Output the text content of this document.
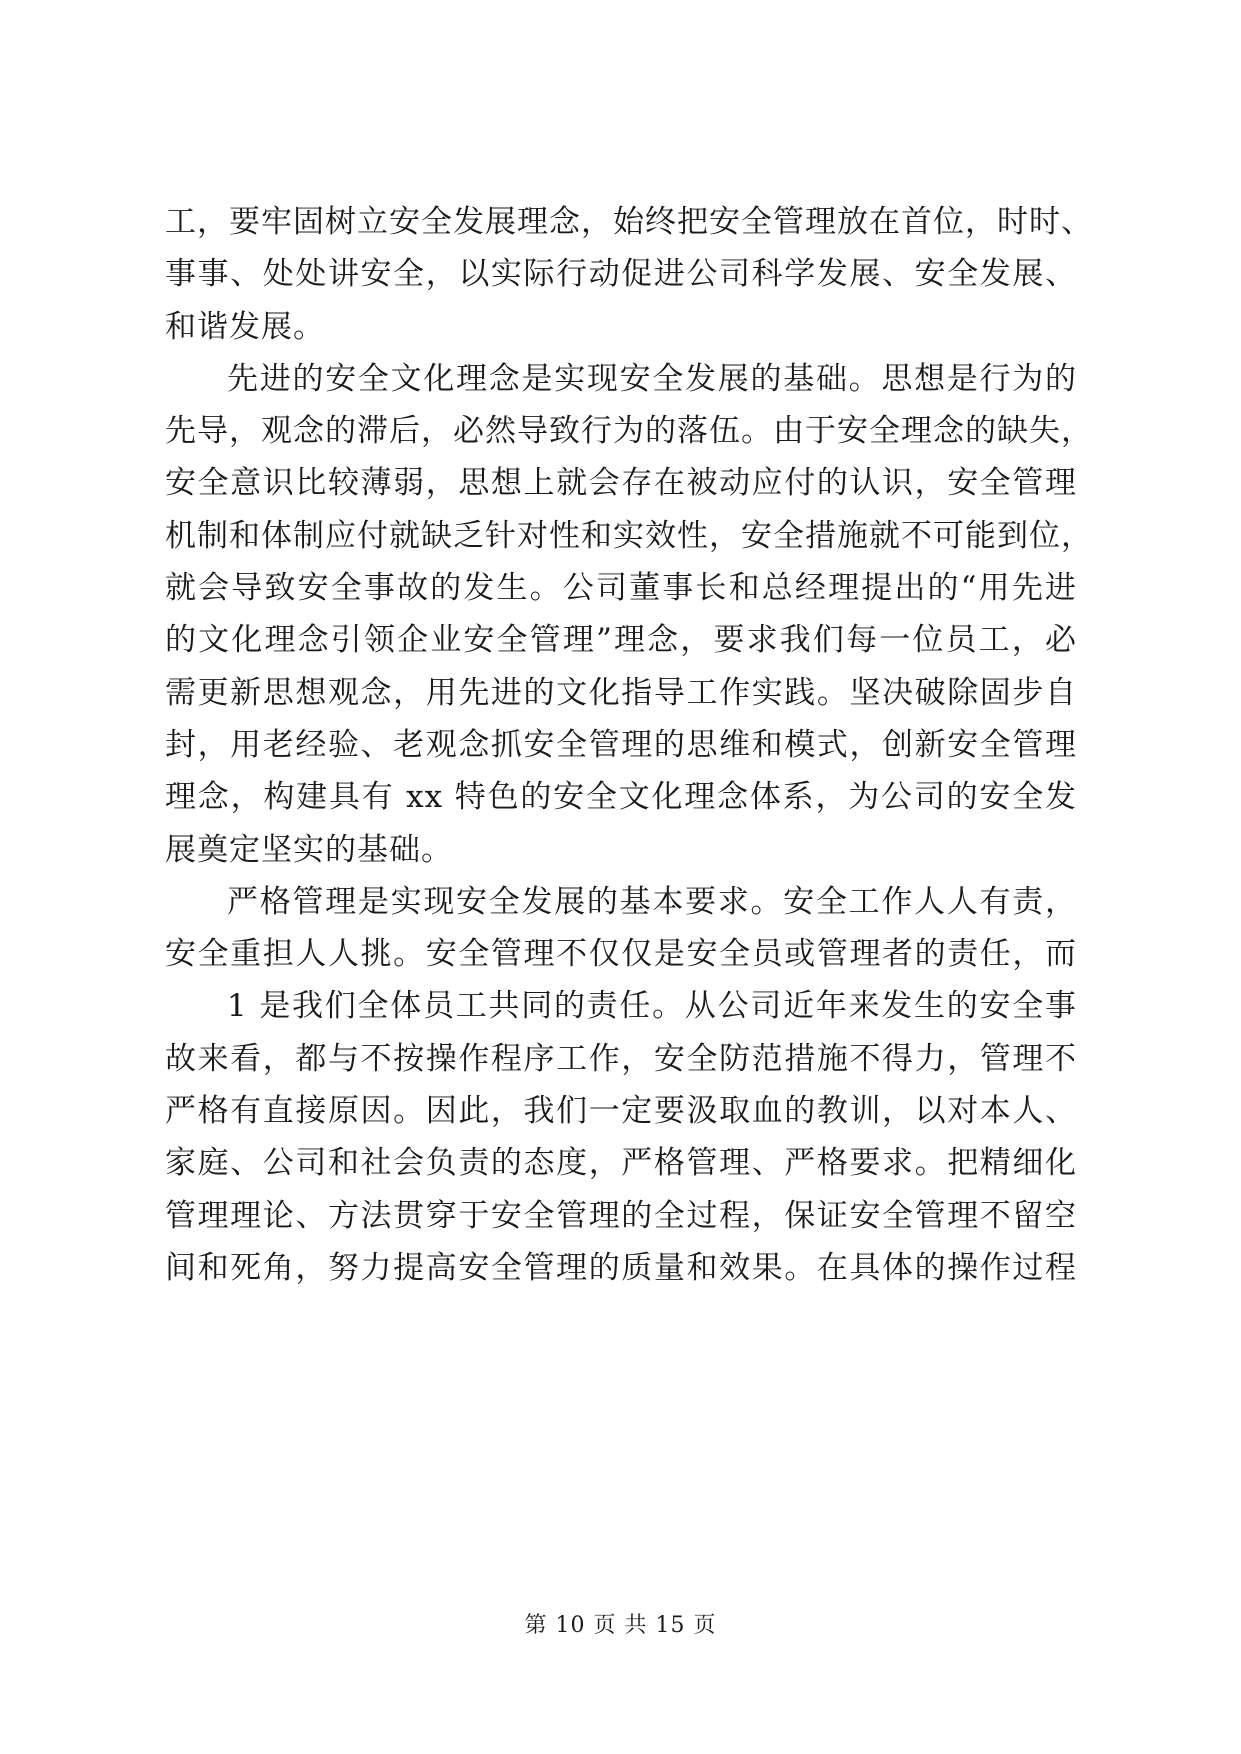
工，要牢固树立安全发展理念，始终把安全管理放在首位，时时、
事事、处处讲安全，以实际行动促进公司科学发展、安全发展、
和谐发展。
先进的安全文化理念是实现安全发展的基础。思想是行为的
先导，观念的滞后，必然导致行为的落伍。由于安全理念的缺失，
安全意识比较薄弱，思想上就会存在被动应付的认识，安全管理
机制和体制应付就缺乏针对性和实效性，安全措施就不可能到位，
就会导致安全事故的发生。公司董事长和总经理提出的“用先进
的文化理念引领企业安全管理”理念，要求我们每一位员工，必
需更新思想观念，用先进的文化指导工作实践。坚决破除固步自
封，用老经验、老观念抓安全管理的思维和模式，创新安全管理
理念，构建具有 xx 特色的安全文化理念体系，为公司的安全发
展奠定坚实的基础。
严格管理是实现安全发展的基本要求。安全工作人人有责，
安全重担人人挑。安全管理不仅仅是安全员或管理者的责任，而
1 是我们全体员工共同的责任。从公司近年来发生的安全事
故来看，都与不按操作程序工作，安全防范措施不得力，管理不
严格有直接原因。因此，我们一定要汲取血的教训，以对本人、
家庭、公司和社会负责的态度，严格管理、严格要求。把精细化
管理理论、方法贯穿于安全管理的全过程，保证安全管理不留空
间和死角，努力提高安全管理的质量和效果。在具体的操作过程
第 10 页 共 15 页
